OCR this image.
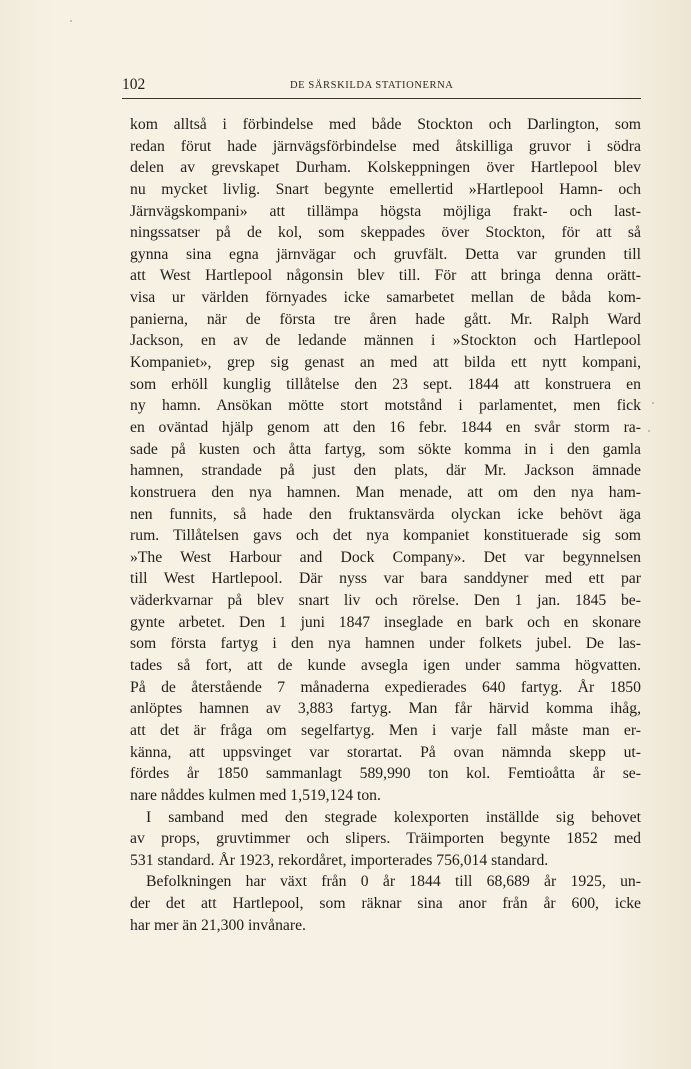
102	DE SÄRSKILDA STATIONERNA
kom alltså i förbindelse med både Stockton och Darlington, som
redan förut hade järnvägsförbindelse med åtskilliga gruvor i södra
delen av grevskapet Durham. Kolskeppningen över Hartlepool blev
nu mycket livlig. Snart begynte emellertid »Hartlepool Hamn- och
Järnvägskompani» att tillämpa högsta möjliga frakt- och last-
ningssatser på de kol, som skeppades över Stockton, för att så
gynna sina egna järnvägar och gruvfält. Detta var grunden till
att West Hartlepool någonsin blev till. För att bringa denna orätt-
visa ur världen förnyades icke samarbetet mellan de båda kom-
panierna, när de första tre åren hade gått. Mr. Ralph Ward
Jackson, en av de ledande männen i »Stockton och Hartlepool
Kompaniet», grep sig genast an med att bilda ett nytt kompani,
som erhöll kunglig tillåtelse den 23 sept. 1844 att konstruera en
ny hamn. Ansökan mötte stort motstånd i parlamentet, men fick
en oväntad hjälp genom att den 16 febr. 1844 en svår storm ra-
sade på kusten och åtta fartyg, som sökte komma in i den gamla
hamnen, strandade på just den plats, där Mr. Jackson ämnade
konstruera den nya hamnen. Man menade, att om den nya ham-
nen funnits, så hade den fruktansvärda olyckan icke behövt äga
rum. Tillåtelsen gavs och det nya kompaniet konstituerade sig som
»The West Harbour and Dock Company». Det var begynnelsen
till West Hartlepool. Där nyss var bara sanddyner med ett par
väderkvarnar på blev snart liv och rörelse. Den 1 jan. 1845 be-
gynte arbetet. Den 1 juni 1847 inseglade en bark och en skonare
som första fartyg i den nya hamnen under folkets jubel. De las-
tades så fort, att de kunde avsegla igen under samma högvatten.
På de återstående 7 månaderna expedierades 640 fartyg. År 1850
anlöptes hamnen av 3,883 fartyg. Man får härvid komma ihåg,
att det är fråga om segelfartyg. Men i varje fall måste man er-
känna, att uppsvinget var storartat. På ovan nämnda skepp ut-
fördes år 1850 sammanlagt 589,990 ton kol. Femtioåtta år se-
nare nåddes kulmen med 1,519,124 ton.
I samband med den stegrade kolexporten inställde sig behovet
av props, gruvtimmer och slipers. Träimporten begynte 1852 med
531 standard. År 1923, rekordåret, importerades 756,014 standard.
Befolkningen har växt från 0 år 1844 till 68,689 år 1925, un-
der det att Hartlepool, som räknar sina anor från år 600, icke
har mer än 21,300 invånare.
